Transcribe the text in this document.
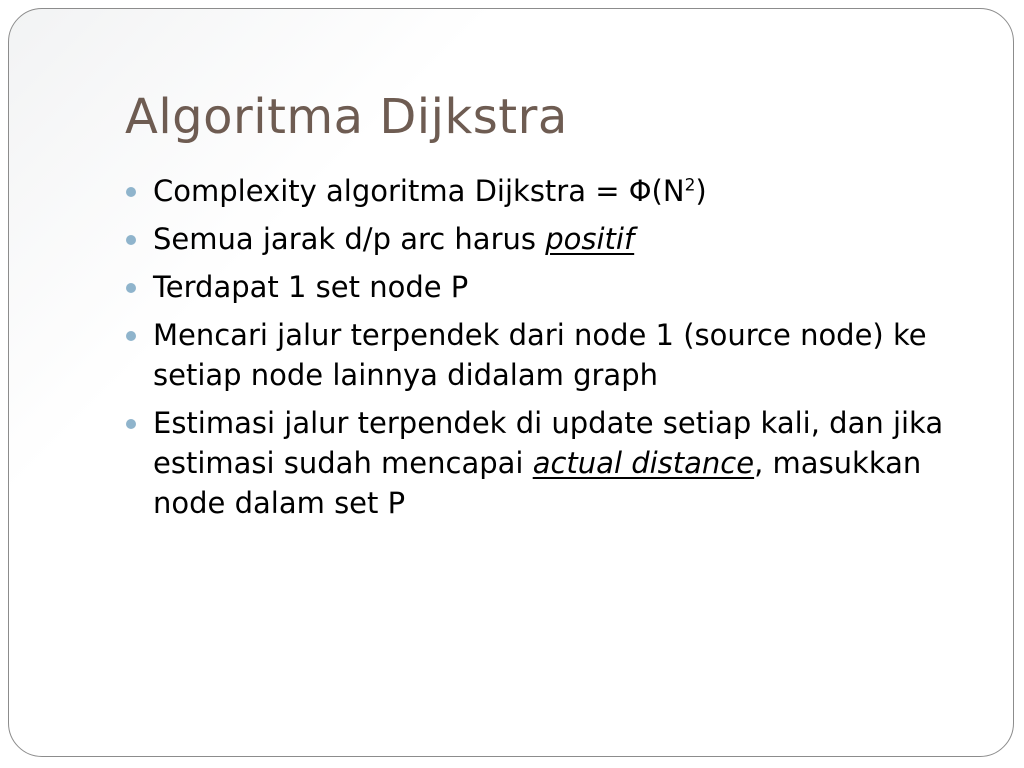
Algoritma Dijkstra
Complexity algoritma Dijkstra = $\Phi(N^2)$
Semua jarak d/p arc harus positif
Terdapat 1 set node P
Mencari jalur terpendek dari node 1 (source node) ke setiap node lainnya didalam graph
Estimasi jalur terpendek di update setiap kali, dan jika estimasi sudah mencapai actual distance, masukkan node dalam set P
